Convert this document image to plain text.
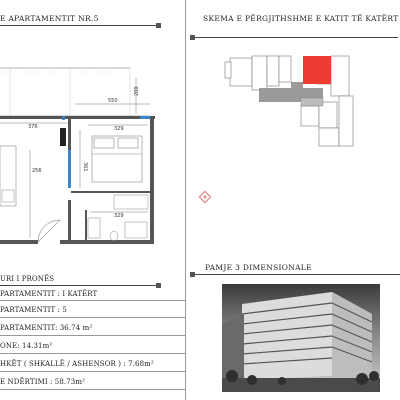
E APARTAMENTIT NR.5	SKEMA E PËRGJITHSHME E KATIT TË KATËRT
200
550
376	329
361
256
329
URI I PRONËS
PARTAMENTIT : I KATËRT
PARTAMENTIT : 5
PARTAMENTIT: 36.74 m²
ONE: 14.31m²
HKËT ( SHKALLË / ASHENSOR ) : 7.68m²
E NDËRTIMI : 58.73m²
PAMJE 3 DIMENSIONALE
